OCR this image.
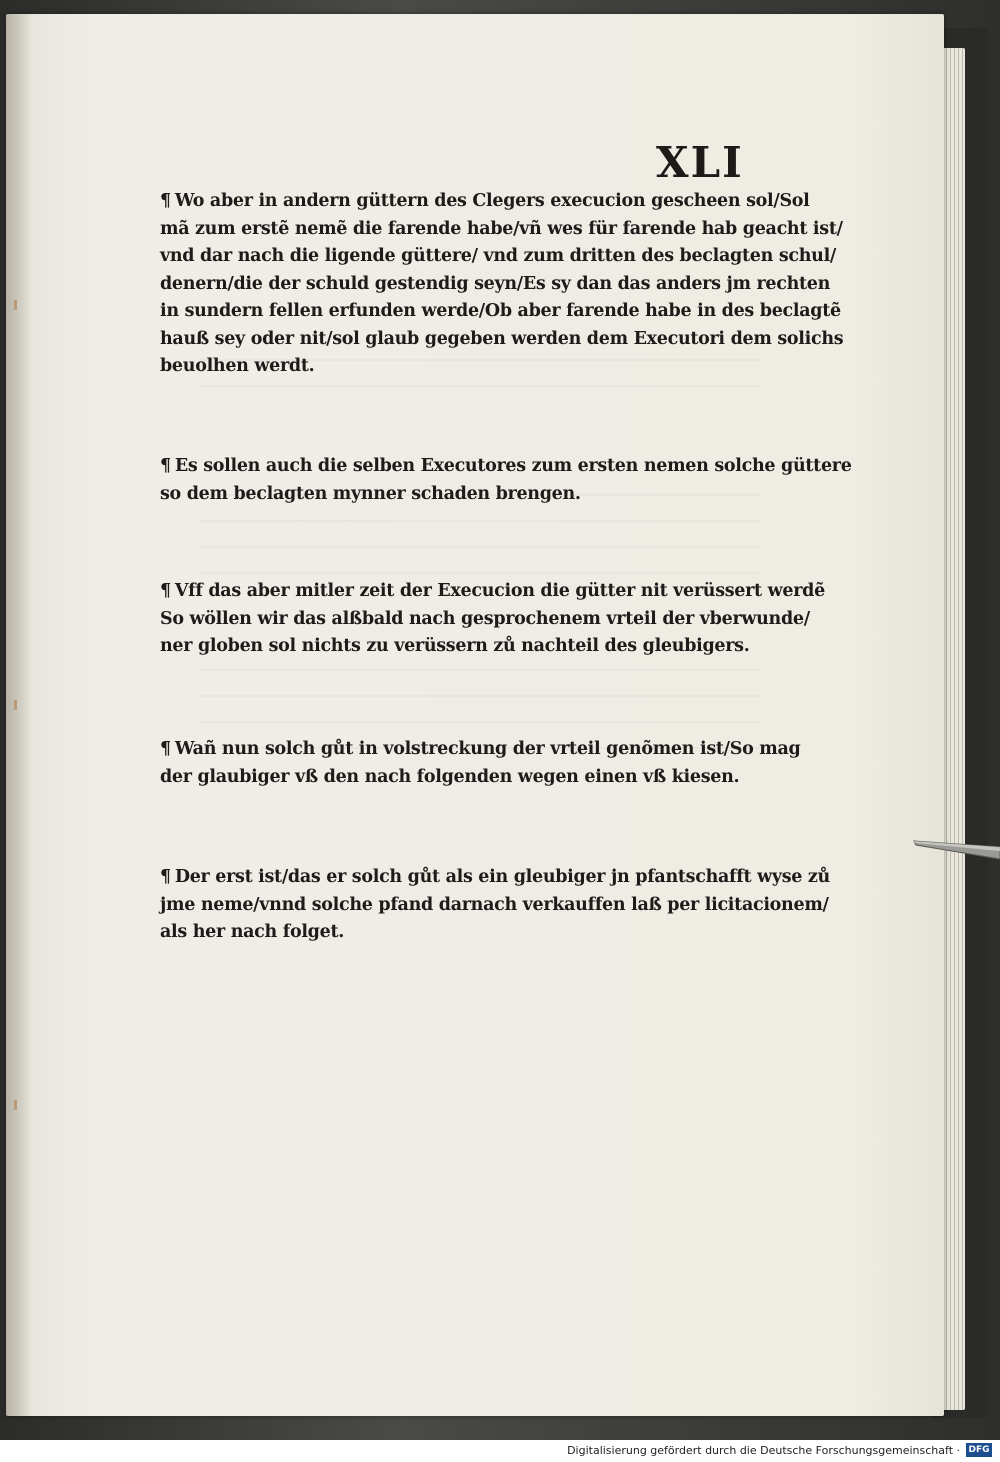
XLI
¶ Wo aber in andern güttern des Clegers execucion gescheen sol/Sol
mã zum erstẽ nemẽ die farende habe/vñ wes für farende hab geacht ist/
vnd dar nach die ligende güttere/ vnd zum dritten des beclagten schul/
denern/die der schuld gestendig seyn/Es sy dan das anders jm rechten
in sundern fellen erfunden werde/Ob aber farende habe in des beclagtẽ
hauß sey oder nit/sol glaub gegeben werden dem Executori dem solichs
beuolhen werdt.
¶ Es sollen auch die selben Executores zum ersten nemen solche güttere
so dem beclagten mynner schaden brengen.
¶ Vff das aber mitler zeit der Execucion die gütter nit verüssert werdẽ
So wöllen wir das alßbald nach gesprochenem vrteil der vberwunde/
ner globen sol nichts zu verüssern zů nachteil des gleubigers.
¶ Wañ nun solch gůt in volstreckung der vrteil genõmen ist/So mag
der glaubiger vß den nach folgenden wegen einen vß kiesen.
¶ Der erst ist/das er solch gůt als ein gleubiger jn pfantschafft wyse zů
jme neme/vnnd solche pfand darnach verkauffen laß per licitacionem/
als her nach folget.
Digitalisierung gefördert durch die Deutsche Forschungsgemeinschaft · DFG
